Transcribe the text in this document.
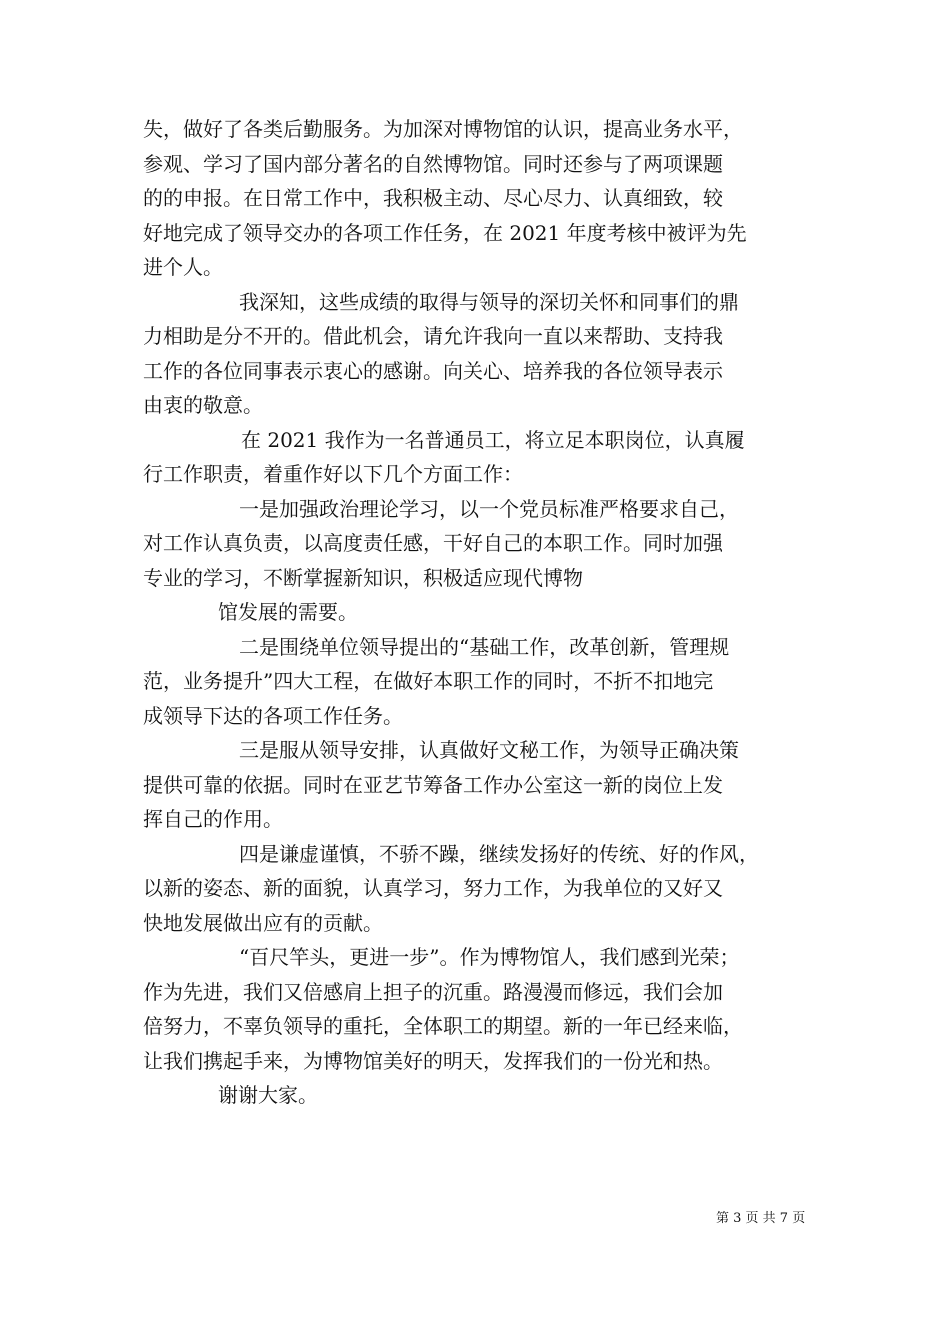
失，做好了各类后勤服务。为加深对博物馆的认识，提高业务水平，
参观、学习了国内部分著名的自然博物馆。同时还参与了两项课题
的的申报。在日常工作中，我积极主动、尽心尽力、认真细致，较
好地完成了领导交办的各项工作任务，在 2021 年度考核中被评为先
进个人。
我深知，这些成绩的取得与领导的深切关怀和同事们的鼎
力相助是分不开的。借此机会，请允许我向一直以来帮助、支持我
工作的各位同事表示衷心的感谢。向关心、培养我的各位领导表示
由衷的敬意。
在 2021 我作为一名普通员工，将立足本职岗位，认真履
行工作职责，着重作好以下几个方面工作：
一是加强政治理论学习，以一个党员标准严格要求自己，
对工作认真负责，以高度责任感，干好自己的本职工作。同时加强
专业的学习，不断掌握新知识，积极适应现代博物
馆发展的需要。
二是围绕单位领导提出的“基础工作，改革创新，管理规
范，业务提升”四大工程，在做好本职工作的同时，不折不扣地完
成领导下达的各项工作任务。
三是服从领导安排，认真做好文秘工作，为领导正确决策
提供可靠的依据。同时在亚艺节筹备工作办公室这一新的岗位上发
挥自己的作用。
四是谦虚谨慎，不骄不躁，继续发扬好的传统、好的作风，
以新的姿态、新的面貌，认真学习，努力工作，为我单位的又好又
快地发展做出应有的贡献。
“百尺竿头，更进一步”。作为博物馆人，我们感到光荣；
作为先进，我们又倍感肩上担子的沉重。路漫漫而修远，我们会加
倍努力，不辜负领导的重托，全体职工的期望。新的一年已经来临，
让我们携起手来，为博物馆美好的明天，发挥我们的一份光和热。
谢谢大家。
第 3 页 共 7 页
